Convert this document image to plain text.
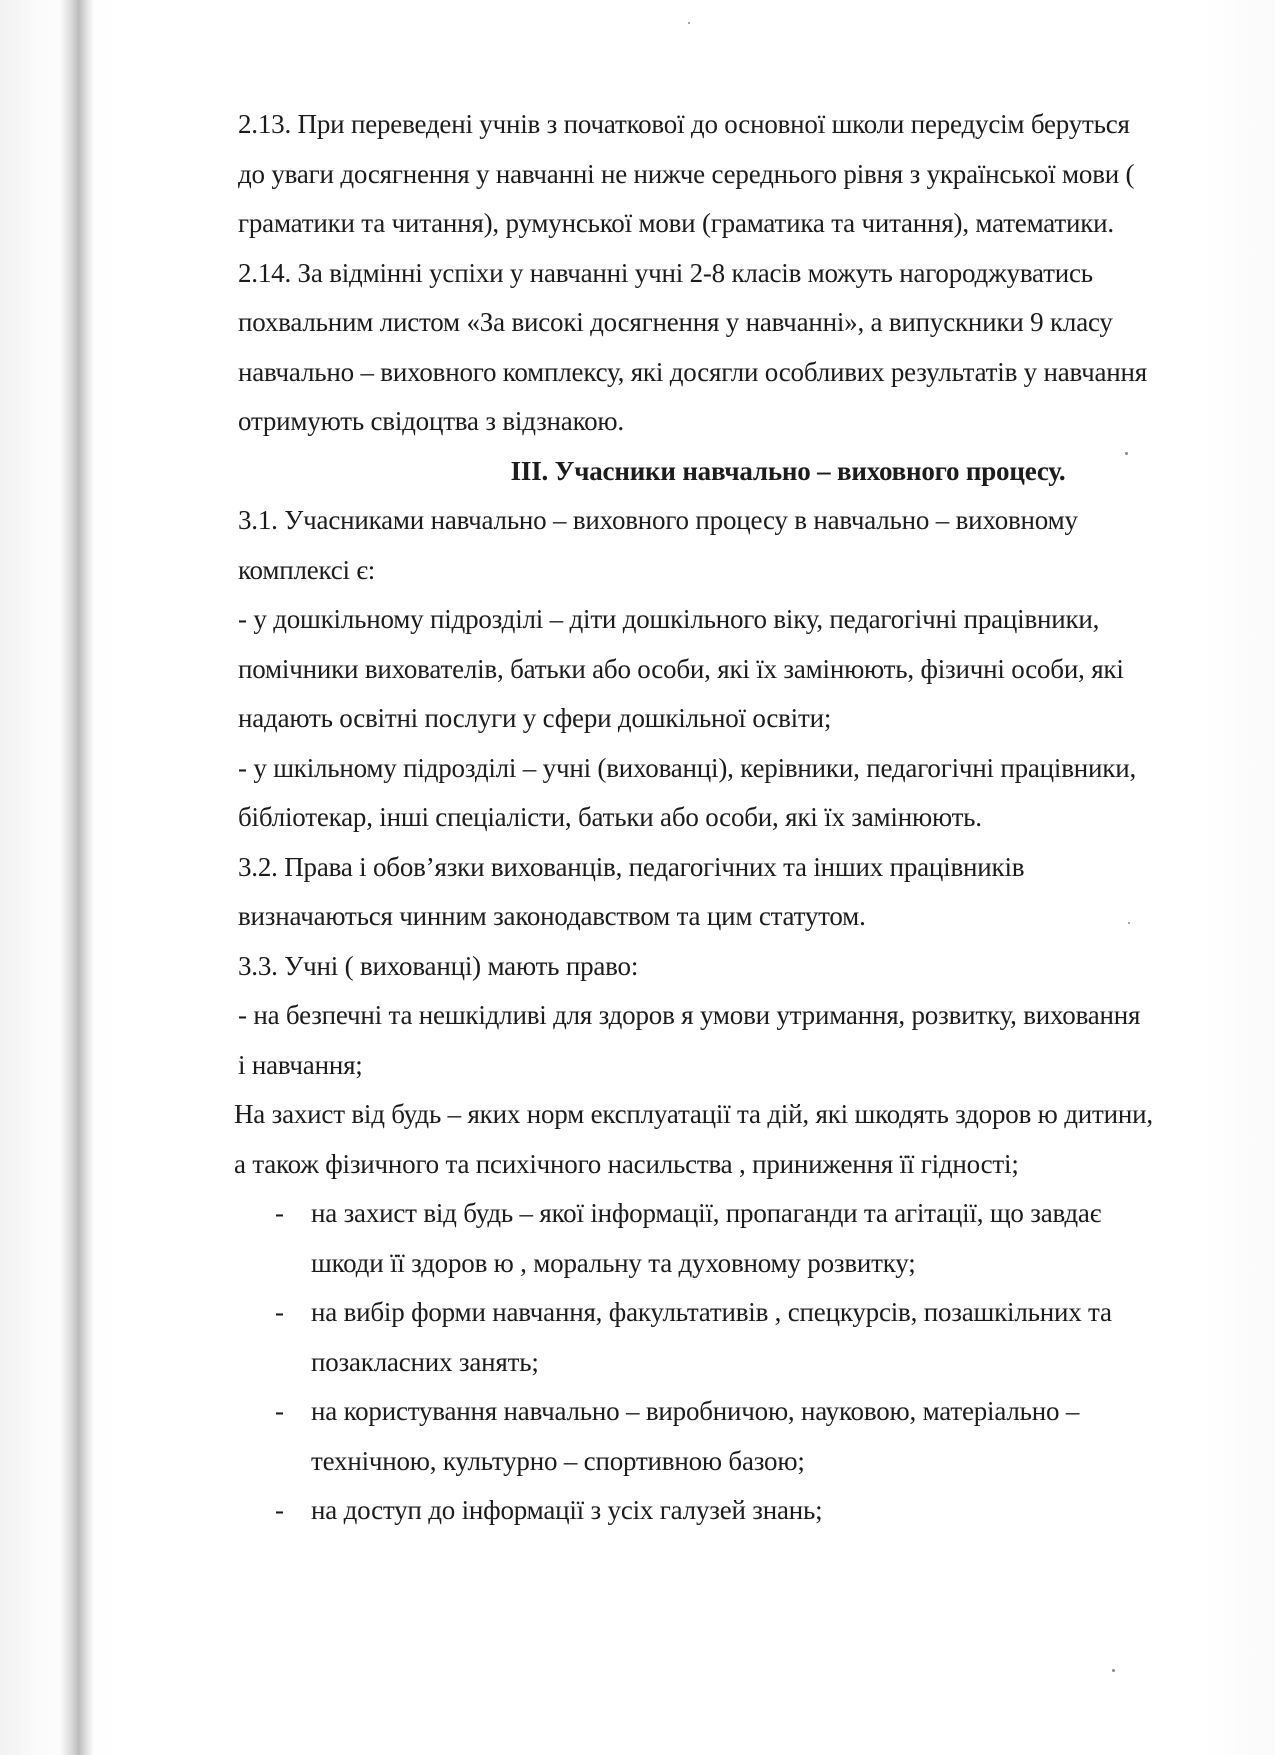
2.13. При переведені учнів з початкової до основної школи передусім беруться
до уваги досягнення у навчанні не нижче середнього рівня з української мови (
граматики та читання), румунської мови (граматика та читання), математики.
2.14. За відмінні успіхи у навчанні учні 2-8 класів можуть нагороджуватись
похвальним листом «За високі досягнення у навчанні», а випускники 9 класу
навчально – виховного комплексу, які досягли особливих результатів у навчання
отримують свідоцтва з відзнакою.
ІІІ. Учасники навчально – виховного процесу.
3.1. Учасниками навчально – виховного процесу в навчально – виховному
комплексі є:
- у дошкільному підрозділі – діти дошкільного віку, педагогічні працівники,
помічники вихователів, батьки або особи, які їх замінюють, фізичні особи, які
надають освітні послуги у сфери дошкільної освіти;
- у шкільному підрозділі – учні (вихованці), керівники, педагогічні працівники,
бібліотекар, інші спеціалісти, батьки або особи, які їх замінюють.
3.2. Права і обов’язки вихованців, педагогічних та інших працівників
визначаються чинним законодавством та цим статутом.
3.3. Учні ( вихованці) мають право:
- на безпечні та нешкідливі для здоров я умови утримання, розвитку, виховання
і навчання;
На захист від будь – яких норм експлуатації та дій, які шкодять здоров ю дитини,
а також фізичного та психічного насильства , приниження її гідності;
- на захист від будь – якої інформації, пропаганди та агітації, що завдає
шкоди її здоров ю , моральну та духовному розвитку;
- на вибір форми навчання, факультативів , спецкурсів, позашкільних та
позакласних занять;
- на користування навчально – виробничою, науковою, матеріально –
технічною, культурно – спортивною базою;
- на доступ до інформації з усіх галузей знань;
